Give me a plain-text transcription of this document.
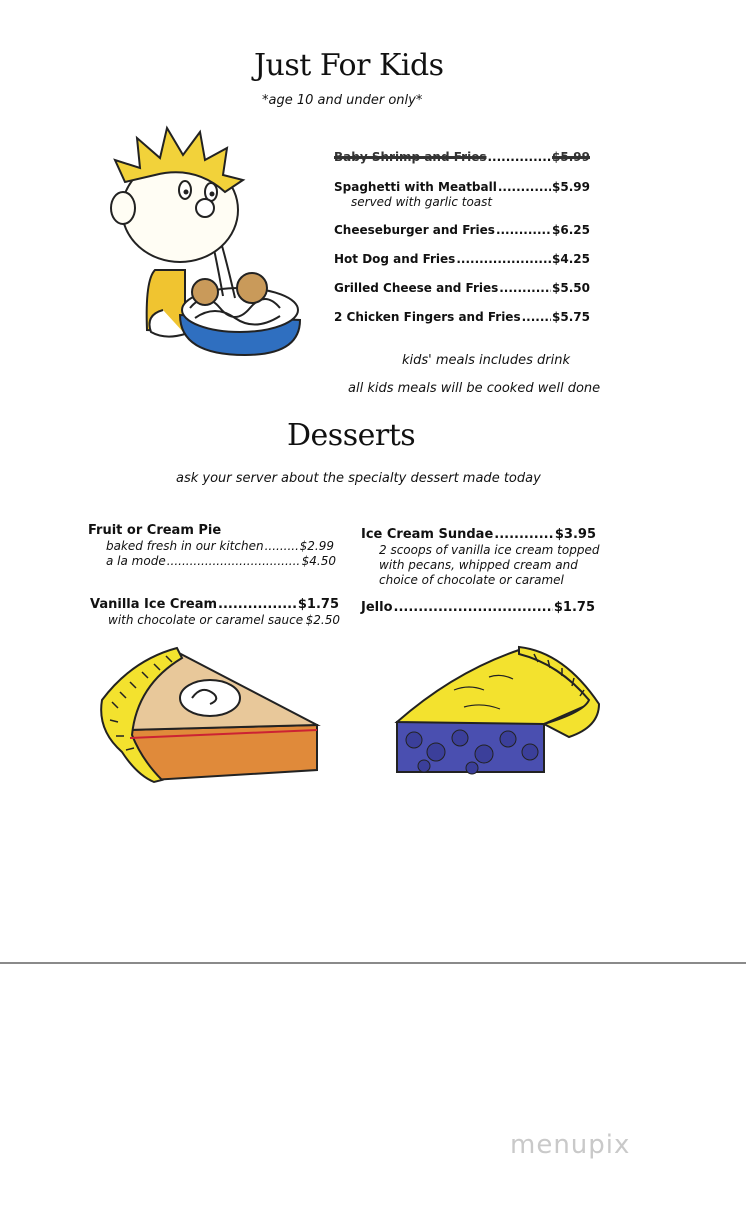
Just For Kids
*age 10 and under only*
Baby Shrimp and Fries .....	$5.99
Spaghetti with Meatball .....	$5.99
served with garlic toast
Cheeseburger and Fries .....	$6.25
Hot Dog and Fries .....	$4.25
Grilled Cheese and Fries .....	$5.50
2 Chicken Fingers and Fries .....	$5.75
kids' meals includes drink
all kids meals will be cooked well done
Desserts
ask your server about the specialty dessert made today
Fruit or Cream Pie
baked fresh in our kitchen .....	$2.99
a la mode .....	$4.50
Vanilla Ice Cream .....	$1.75
with chocolate or caramel sauce ..... $2.50
Ice Cream Sundae .....	$3.95
2 scoops of vanilla ice cream topped
with pecans, whipped cream and
choice of chocolate or caramel
Jello .....	$1.75
menupix
